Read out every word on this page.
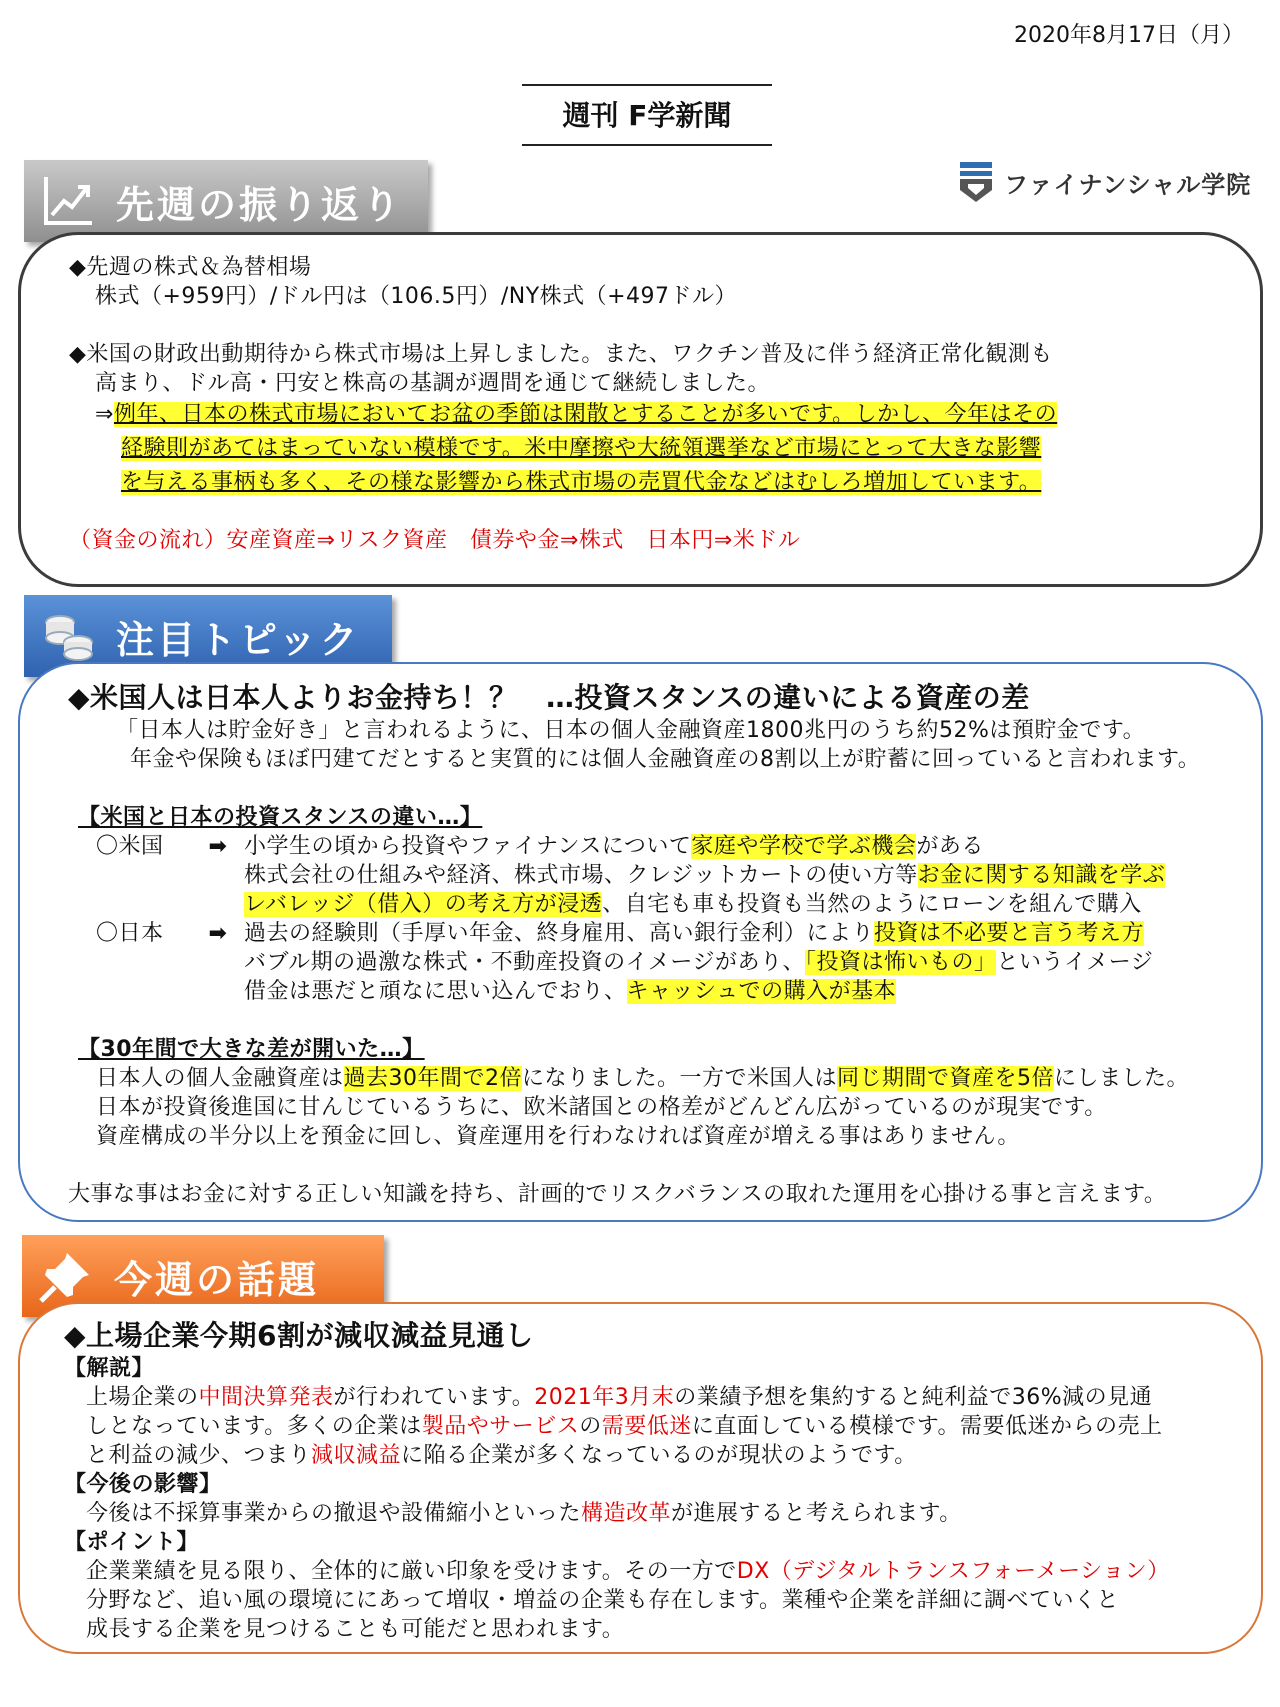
2020年8月17日（月）
週刊 F学新聞
ファイナンシャル学院
先週の振り返り

◆先週の株式＆為替相場

株式（+959円）/ドル円は（106.5円）/NY株式（+497ドル）

◆米国の財政出動期待から株式市場は上昇しました。また、ワクチン普及に伴う経済正常化観測も

高まり、ドル高・円安と株高の基調が週間を通じて継続しました。

⇒例年、日本の株式市場においてお盆の季節は閑散とすることが多いです。しかし、今年はその

経験則があてはまっていない模様です。米中摩擦や大統領選挙など市場にとって大きな影響

を与える事柄も多く、その様な影響から株式市場の売買代金などはむしろ増加しています。

（資金の流れ）安産資産⇒リスク資産　債券や金⇒株式　日本円⇒米ドル

注目トピック

◆米国人は日本人よりお金持ち！？　…投資スタンスの違いによる資産の差

「日本人は貯金好き」と言われるように、日本の個人金融資産1800兆円のうち約52%は預貯金です。

年金や保険もほぼ円建てだとすると実質的には個人金融資産の8割以上が貯蓄に回っていると言われます。

【米国と日本の投資スタンスの違い…】

〇米国 ➡ 小学生の頃から投資やファイナンスについて家庭や学校で学ぶ機会がある

株式会社の仕組みや経済、株式市場、クレジットカートの使い方等お金に関する知識を学ぶ

レバレッジ（借入）の考え方が浸透、自宅も車も投資も当然のようにローンを組んで購入

〇日本 ➡ 過去の経験則（手厚い年金、終身雇用、高い銀行金利）により投資は不必要と言う考え方

バブル期の過激な株式・不動産投資のイメージがあり、「投資は怖いもの」というイメージ

借金は悪だと頑なに思い込んでおり、キャッシュでの購入が基本

【30年間で大きな差が開いた…】

日本人の個人金融資産は過去30年間で2倍になりました。一方で米国人は同じ期間で資産を5倍にしました。

日本が投資後進国に甘んじているうちに、欧米諸国との格差がどんどん広がっているのが現実です。

資産構成の半分以上を預金に回し、資産運用を行わなければ資産が増える事はありません。

大事な事はお金に対する正しい知識を持ち、計画的でリスクバランスの取れた運用を心掛ける事と言えます。

今週の話題

◆上場企業今期6割が減収減益見通し

【解説】

上場企業の中間決算発表が行われています。2021年3月末の業績予想を集約すると純利益で36%減の見通

しとなっています。多くの企業は製品やサービスの需要低迷に直面している模様です。需要低迷からの売上

と利益の減少、つまり減収減益に陥る企業が多くなっているのが現状のようです。

【今後の影響】

今後は不採算事業からの撤退や設備縮小といった構造改革が進展すると考えられます。

【ポイント】

企業業績を見る限り、全体的に厳い印象を受けます。その一方でDX（デジタルトランスフォーメーション）

分野など、追い風の環境ににあって増収・増益の企業も存在します。業種や企業を詳細に調べていくと

成長する企業を見つけることも可能だと思われます。
